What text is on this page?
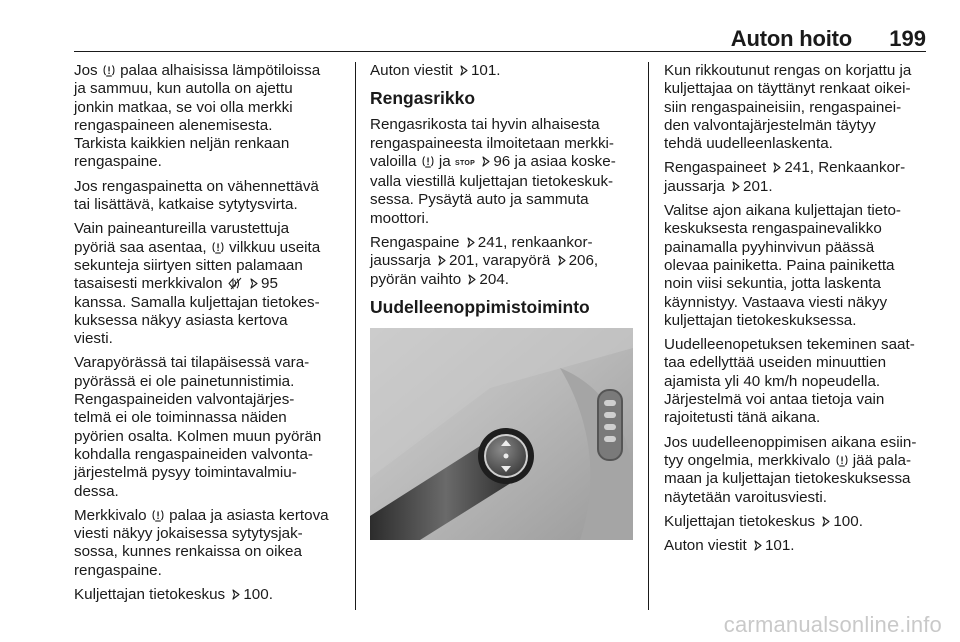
Auton hoito 199

Jos palaa alhaisissa lämpötiloissa
ja sammuu, kun autolla on ajettu
jonkin matkaa, se voi olla merkki
rengaspaineen alenemisesta.
Tarkista kaikkien neljän renkaan
rengaspaine.

Jos rengaspainetta on vähennettävä
tai lisättävä, katkaise sytytysvirta.

Vain paineantureilla varustettuja
pyöriä saa asentaa, vilkkuu useita
sekunteja siirtyen sitten palamaan
tasaisesti merkkivalon	95
kanssa. Samalla kuljettajan tietokes-
kuksessa näkyy asiasta kertova
viesti.

Varapyörässä tai tilapäisessä vara-
pyörässä ei ole painetunnistimia.
Rengaspaineiden valvontajärjes-
telmä ei ole toiminnassa näiden
pyörien osalta. Kolmen muun pyörän
kohdalla rengaspaineiden valvonta-
järjestelmä pysyy toimintavalmiu-
dessa.

Merkkivalo palaa ja asiasta kertova
viesti näkyy jokaisessa sytytysjak-
sossa, kunnes renkaissa on oikea
rengaspaine.

Kuljettajan tietokeskus 100.

Auton viestit 101.

Rengasrikko

Rengasrikosta tai hyvin alhaisesta
rengaspaineesta ilmoitetaan merkki-
valoilla ja STOP 96 ja asiaa koske-
valla viestillä kuljettajan tietokeskuk-
sessa. Pysäytä auto ja sammuta
moottori.

Rengaspaine 241, renkaankor-
jaussarja 201, varapyörä 206,
pyörän vaihto 204.

Uudelleenoppimistoiminto

Kun rikkoutunut rengas on korjattu ja
kuljettajaa on täyttänyt renkaat oikei-
siin rengaspaineisiin, rengaspainei-
den valvontajärjestelmän täytyy
tehdä uudelleenlaskenta.

Rengaspaineet 241, Renkaankor-
jaussarja 201.

Valitse ajon aikana kuljettajan tieto-
keskuksesta rengaspainevalikko
painamalla pyyhinvivun päässä
olevaa painiketta. Paina painiketta
noin viisi sekuntia, jotta laskenta
käynnistyy. Vastaava viesti näkyy
kuljettajan tietokeskuksessa.

Uudelleenopetuksen tekeminen saat-
taa edellyttää useiden minuuttien
ajamista yli 40 km/h nopeudella.
Järjestelmä voi antaa tietoja vain
rajoitetusti tänä aikana.

Jos uudelleenoppimisen aikana esiin-
tyy ongelmia, merkkivalo jää pala-
maan ja kuljettajan tietokeskuksessa
näytetään varoitusviesti.

Kuljettajan tietokeskus 100.

Auton viestit 101.

carmanualsonline.info
